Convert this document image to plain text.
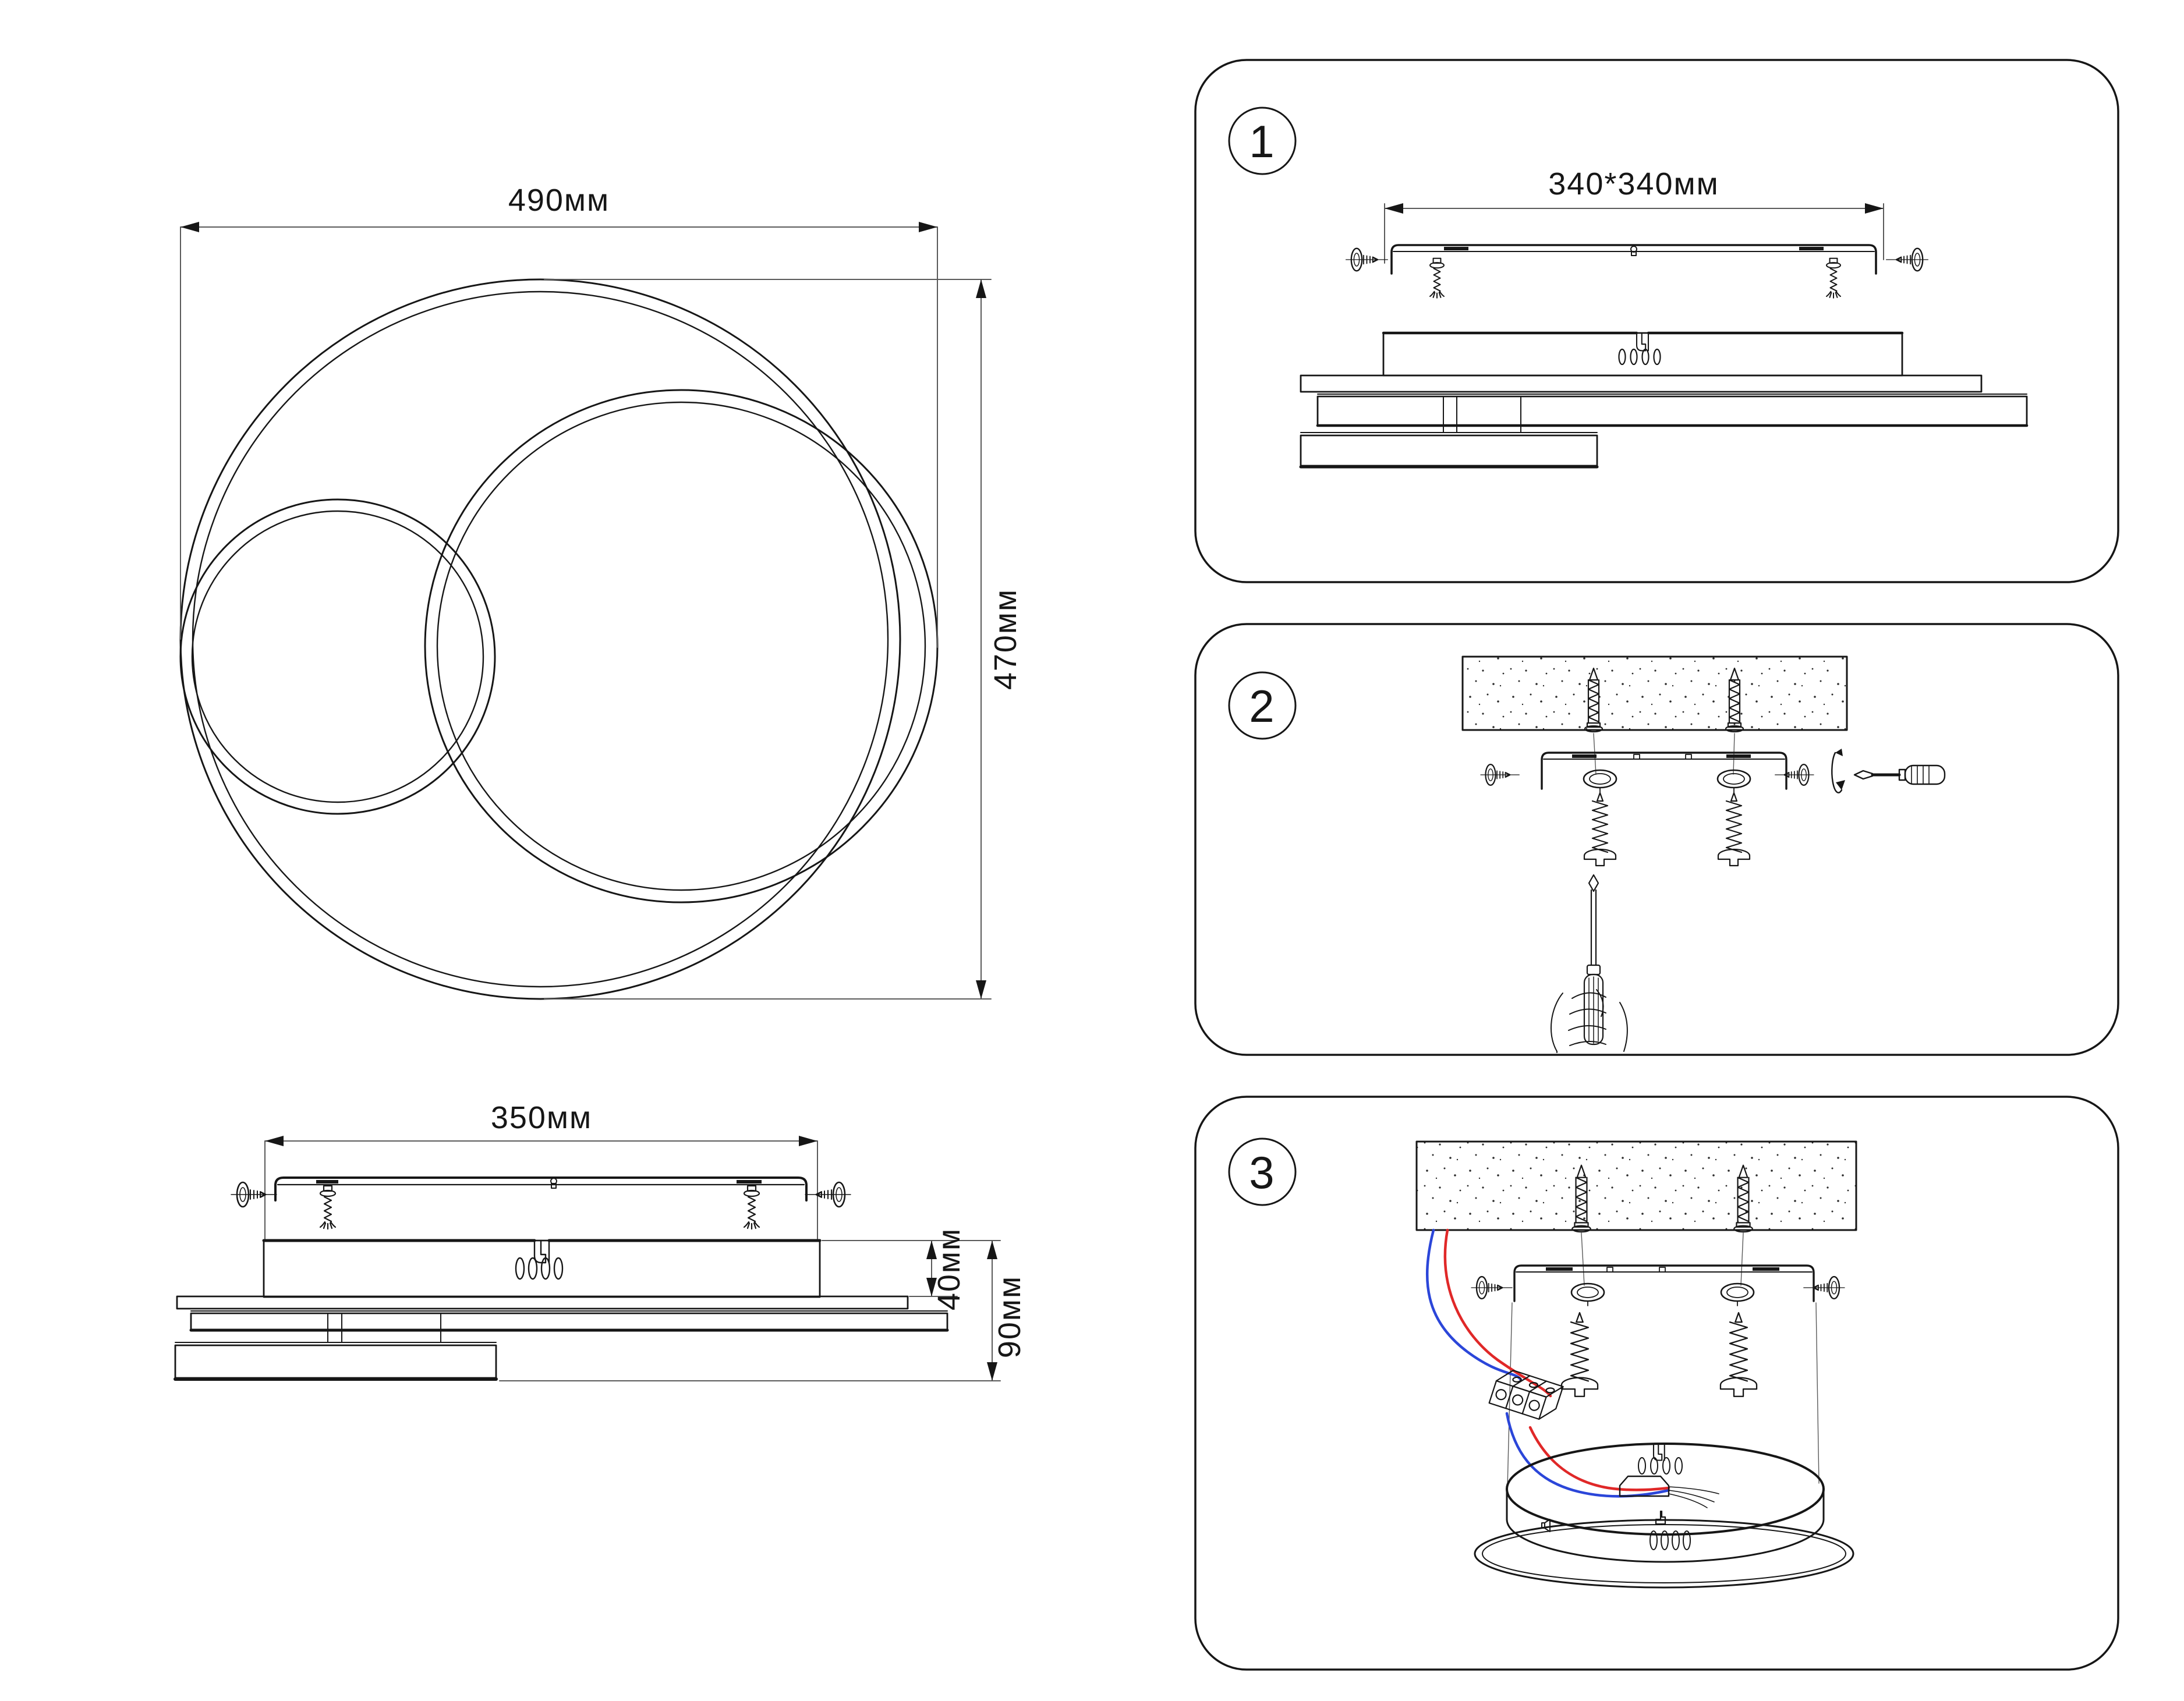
490мм
470мм
350мм
40мм
90мм
1
340*340мм
2
3
